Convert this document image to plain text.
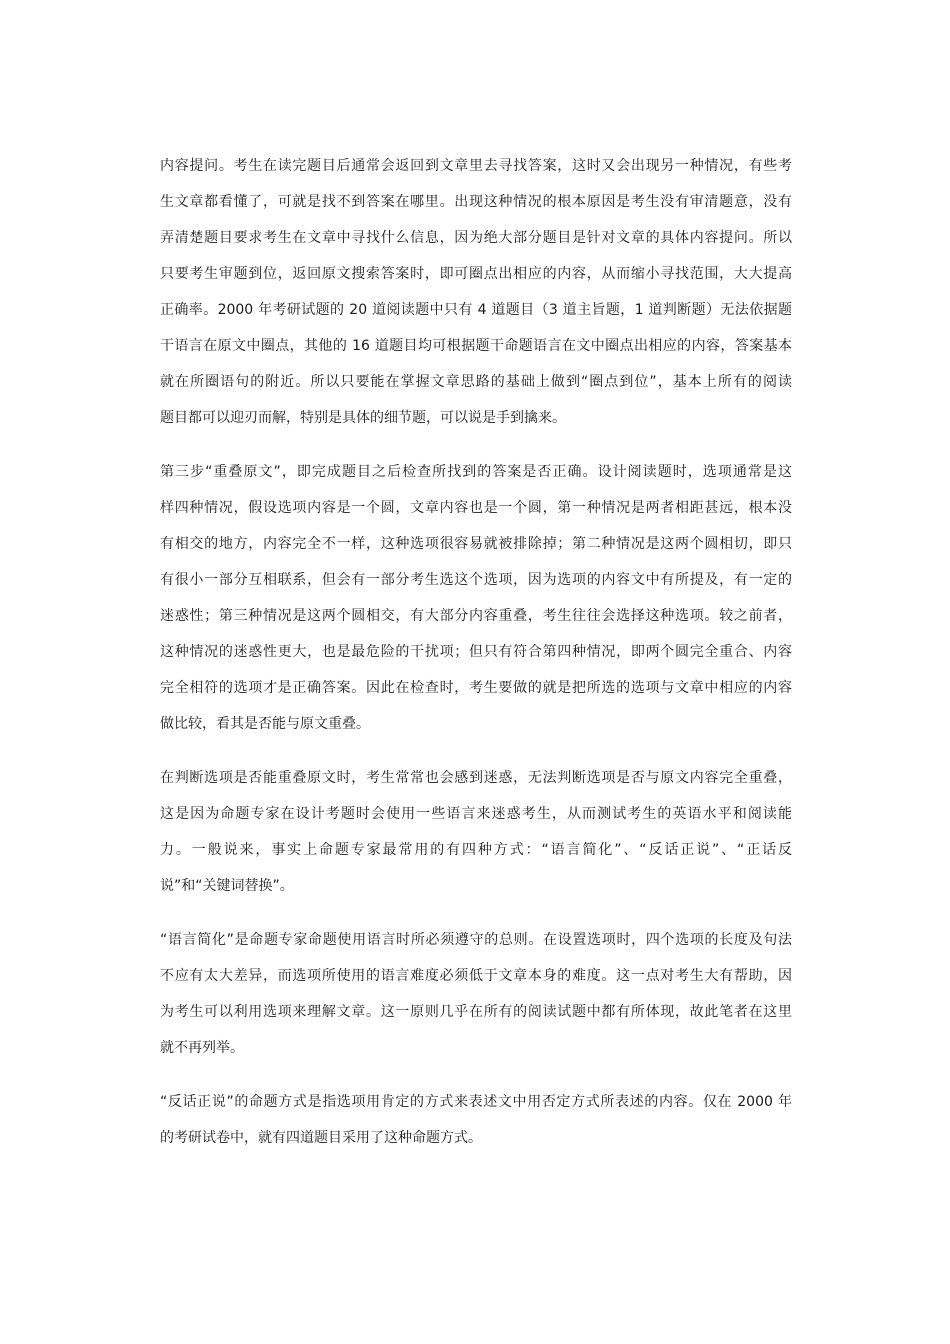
内容提问。考生在读完题目后通常会返回到文章里去寻找答案，这时又会出现另一种情况，有些考
生文章都看懂了，可就是找不到答案在哪里。出现这种情况的根本原因是考生没有审清题意，没有
弄清楚题目要求考生在文章中寻找什么信息，因为绝大部分题目是针对文章的具体内容提问。所以
只要考生审题到位，返回原文搜索答案时，即可圈点出相应的内容，从而缩小寻找范围，大大提高
正确率。2000 年考研试题的 20 道阅读题中只有 4 道题目（3 道主旨题，1 道判断题）无法依据题
干语言在原文中圈点，其他的 16 道题目均可根据题干命题语言在文中圈点出相应的内容，答案基本
就在所圈语句的附近。所以只要能在掌握文章思路的基础上做到“圈点到位”，基本上所有的阅读
题目都可以迎刃而解，特别是具体的细节题，可以说是手到擒来。
第三步“重叠原文”，即完成题目之后检查所找到的答案是否正确。设计阅读题时，选项通常是这
样四种情况，假设选项内容是一个圆，文章内容也是一个圆，第一种情况是两者相距甚远，根本没
有相交的地方，内容完全不一样，这种选项很容易就被排除掉；第二种情况是这两个圆相切，即只
有很小一部分互相联系，但会有一部分考生选这个选项，因为选项的内容文中有所提及，有一定的
迷惑性；第三种情况是这两个圆相交，有大部分内容重叠，考生往往会选择这种选项。较之前者，
这种情况的迷惑性更大，也是最危险的干扰项；但只有符合第四种情况，即两个圆完全重合、内容
完全相符的选项才是正确答案。因此在检查时，考生要做的就是把所选的选项与文章中相应的内容
做比较，看其是否能与原文重叠。
在判断选项是否能重叠原文时，考生常常也会感到迷惑，无法判断选项是否与原文内容完全重叠，
这是因为命题专家在设计考题时会使用一些语言来迷惑考生，从而测试考生的英语水平和阅读能
力。一般说来，事实上命题专家最常用的有四种方式：“语言简化”、“反话正说”、“正话反
说”和“关键词替换”。
“语言简化”是命题专家命题使用语言时所必须遵守的总则。在设置选项时，四个选项的长度及句法
不应有太大差异，而选项所使用的语言难度必须低于文章本身的难度。这一点对考生大有帮助，因
为考生可以利用选项来理解文章。这一原则几乎在所有的阅读试题中都有所体现，故此笔者在这里
就不再列举。
“反话正说”的命题方式是指选项用肯定的方式来表述文中用否定方式所表述的内容。仅在 2000 年
的考研试卷中，就有四道题目采用了这种命题方式。
